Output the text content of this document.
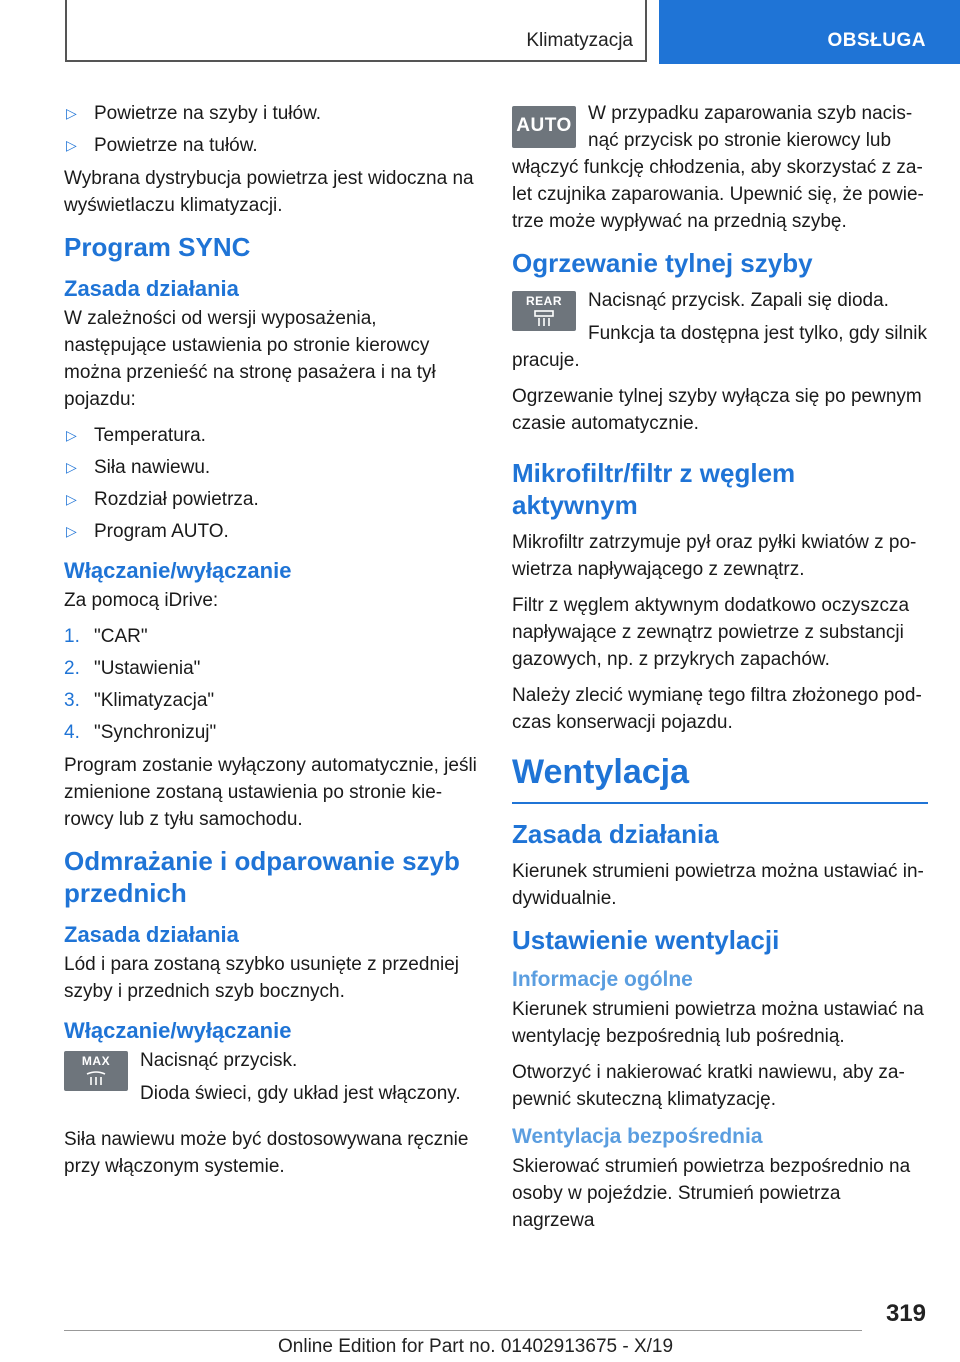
Klimatyzacja	OBSŁUGA
▷ Powietrze na szyby i tułów.
▷ Powietrze na tułów.

Wybrana dystrybucja powietrza jest widoczna na wyświetlaczu klimatyzacji.

Program SYNC
Zasada działania

W zależności od wersji wyposażenia, następujące ustawienia po stronie kierowcy można przenieść na stronę pasażera i na tył pojazdu:

▷ Temperatura.
▷ Siła nawiewu.
▷ Rozdział powietrza.
▷ Program AUTO.
Włączanie/wyłączanie

Za pomocą iDrive:

1. "CAR"
2. "Ustawienia"
3. "Klimatyzacja"
4. "Synchronizuj"

Program zostanie wyłączony automatycznie, jeśli zmienione zostaną ustawienia po stronie kierowcy lub z tyłu samochodu.

Odmrażanie i odparowanie szyb przednich
Zasada działania

Lód i para zostaną szybko usunięte z przedniej szyby i przednich szyb bocznych.

Włączanie/wyłączanie
MAX	Nacisnąć przycisk.

Dioda świeci, gdy układ jest włączony.

Siła nawiewu może być dostosowywana ręcznie przy włączonym systemie.

AUTO

W przypadku zaparowania szyb nacisnąć przycisk po stronie kierowcy lub włączyć funkcję chłodzenia, aby skorzystać z zalet czujnika zaparowania. Upewnić się, że powietrze może wypływać na przednią szybę.

Ogrzewanie tylnej szyby
REAR	Nacisnąć przycisk. Zapali się dioda.

Funkcja ta dostępna jest tylko, gdy silnik pracuje.

Ogrzewanie tylnej szyby wyłącza się po pewnym czasie automatycznie.

Mikrofiltr/filtr z węglem aktywnym

Mikrofiltr zatrzymuje pył oraz pyłki kwiatów z powietrza napływającego z zewnątrz.

Filtr z węglem aktywnym dodatkowo oczyszcza napływające z zewnątrz powietrze z substancji gazowych, np. z przykrych zapachów.

Należy zlecić wymianę tego filtra złożonego podczas konserwacji pojazdu.

Wentylacja
Zasada działania

Kierunek strumieni powietrza można ustawiać indywidualnie.

Ustawienie wentylacji
Informacje ogólne

Kierunek strumieni powietrza można ustawiać na wentylację bezpośrednią lub pośrednią.

Otworzyć i nakierować kratki nawiewu, aby zapewnić skuteczną klimatyzację.

Wentylacja bezpośrednia

Skierować strumień powietrza bezpośrednio na osoby w pojeździe. Strumień powietrza nagrzewa

319
Online Edition for Part no. 01402913675 - X/19
